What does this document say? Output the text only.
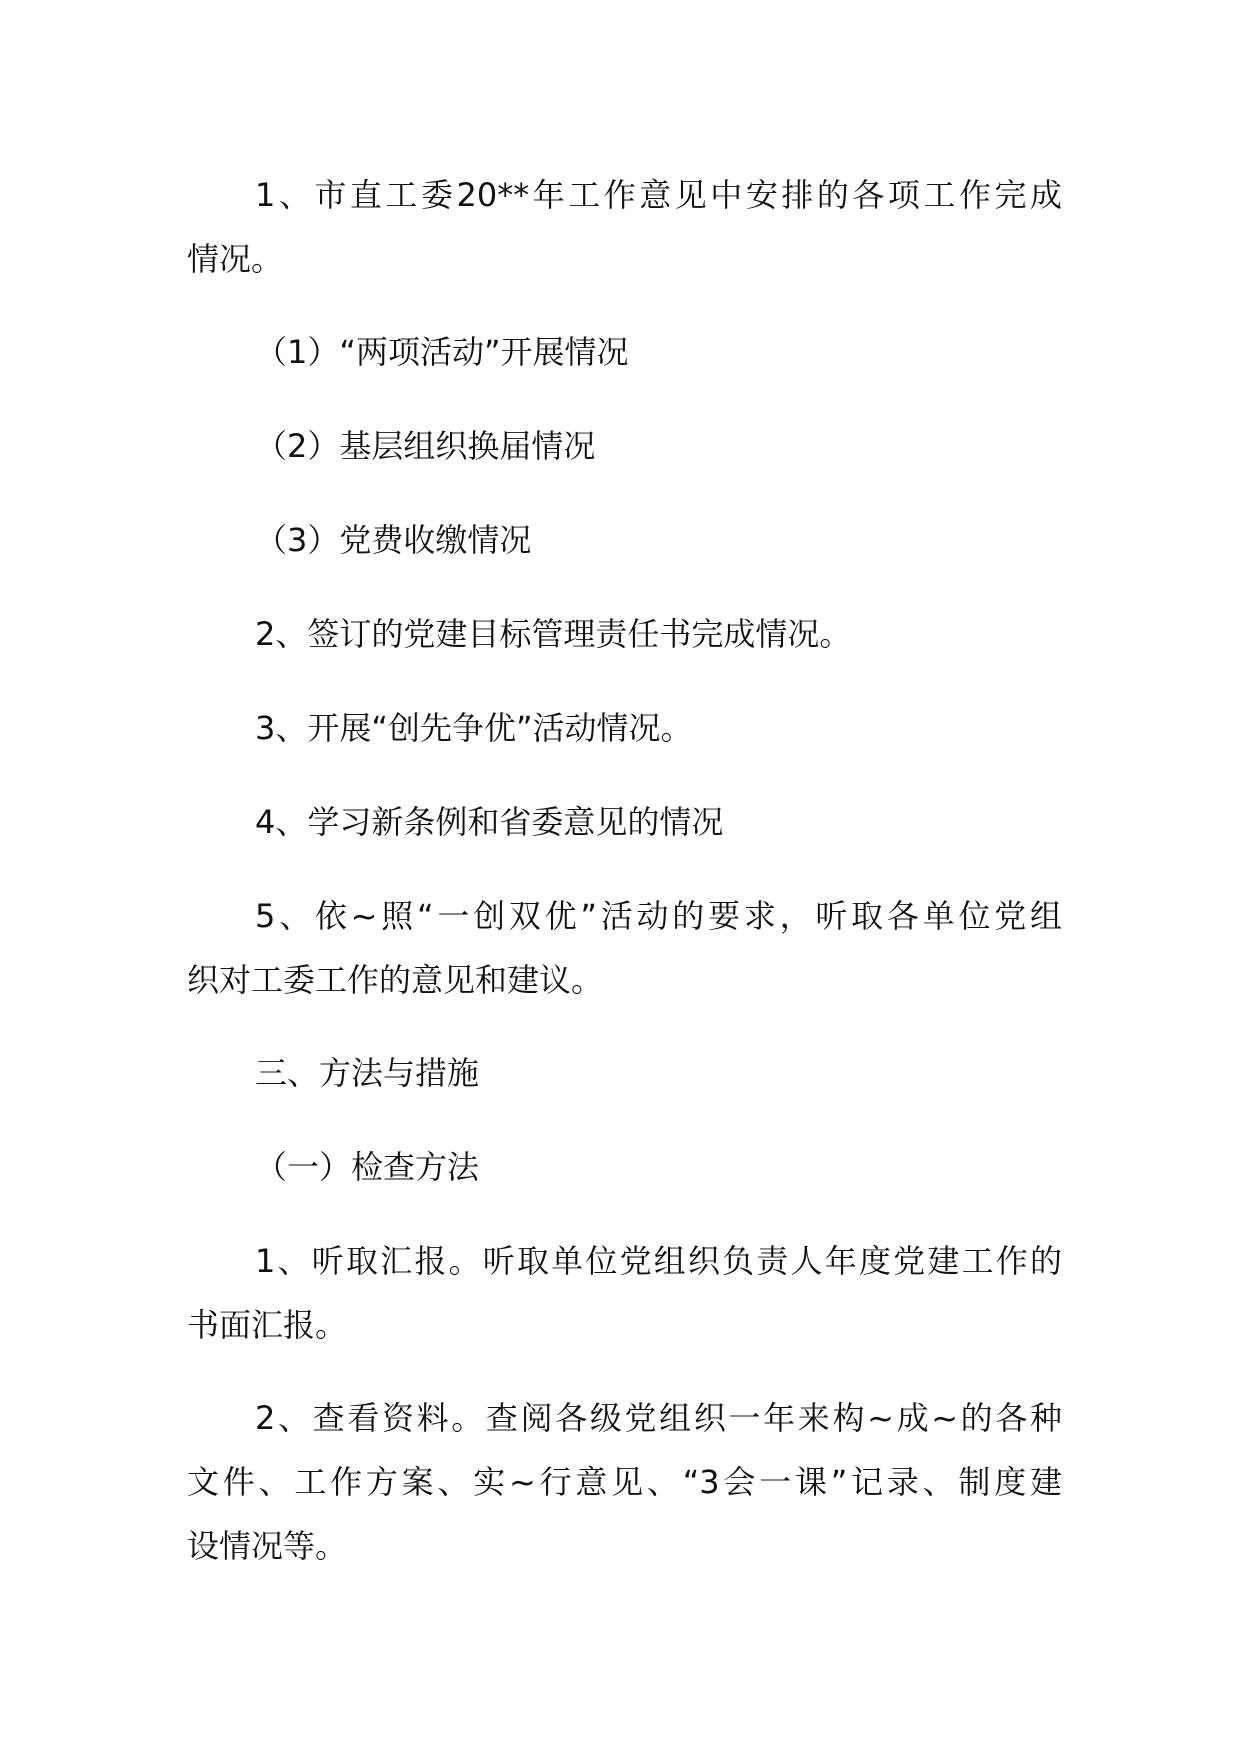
1、市直工委20**年工作意见中安排的各项工作完成

情况。

（1）“两项活动”开展情况

（2）基层组织换届情况

（3）党费收缴情况

2、签订的党建目标管理责任书完成情况。

3、开展“创先争优”活动情况。

4、学习新条例和省委意见的情况

5、依~照“一创双优”活动的要求，听取各单位党组

织对工委工作的意见和建议。

三、方法与措施

（一）检查方法

1、听取汇报。听取单位党组织负责人年度党建工作的

书面汇报。

2、查看资料。查阅各级党组织一年来构~成~的各种

文件、工作方案、实~行意见、“3会一课”记录、制度建

设情况等。
